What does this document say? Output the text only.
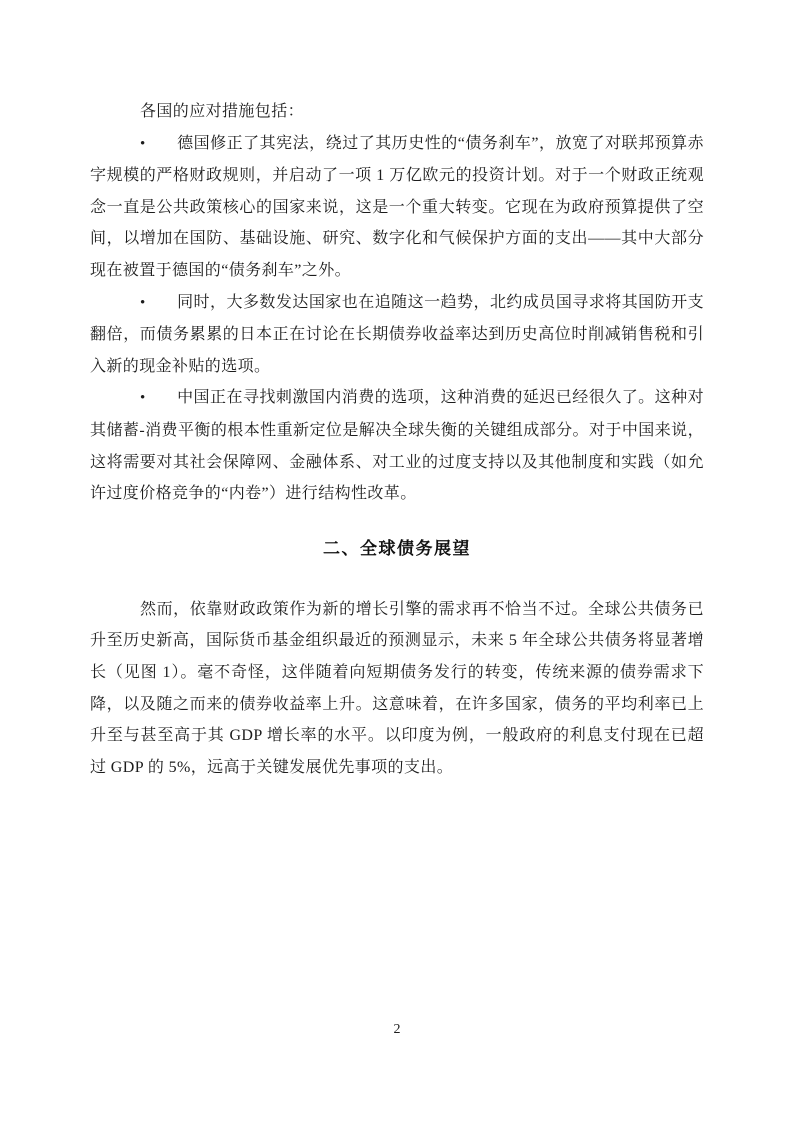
各国的应对措施包括：

• 德国修正了其宪法，绕过了其历史性的“债务刹车”，放宽了对联邦预算赤字规模的严格财政规则，并启动了一项 1 万亿欧元的投资计划。对于一个财政正统观念一直是公共政策核心的国家来说，这是一个重大转变。它现在为政府预算提供了空间，以增加在国防、基础设施、研究、数字化和气候保护方面的支出——其中大部分现在被置于德国的“债务刹车”之外。

• 同时，大多数发达国家也在追随这一趋势，北约成员国寻求将其国防开支翻倍，而债务累累的日本正在讨论在长期债券收益率达到历史高位时削减销售税和引入新的现金补贴的选项。

• 中国正在寻找刺激国内消费的选项，这种消费的延迟已经很久了。这种对其储蓄-消费平衡的根本性重新定位是解决全球失衡的关键组成部分。对于中国来说，这将需要对其社会保障网、金融体系、对工业的过度支持以及其他制度和实践（如允许过度价格竞争的“内卷”）进行结构性改革。

二、全球债务展望

然而，依靠财政政策作为新的增长引擎的需求再不恰当不过。全球公共债务已升至历史新高，国际货币基金组织最近的预测显示，未来 5 年全球公共债务将显著增长（见图 1）。毫不奇怪，这伴随着向短期债务发行的转变，传统来源的债券需求下降，以及随之而来的债券收益率上升。这意味着，在许多国家，债务的平均利率已上升至与甚至高于其 GDP 增长率的水平。以印度为例，一般政府的利息支付现在已超过 GDP 的 5%，远高于关键发展优先事项的支出。

2
